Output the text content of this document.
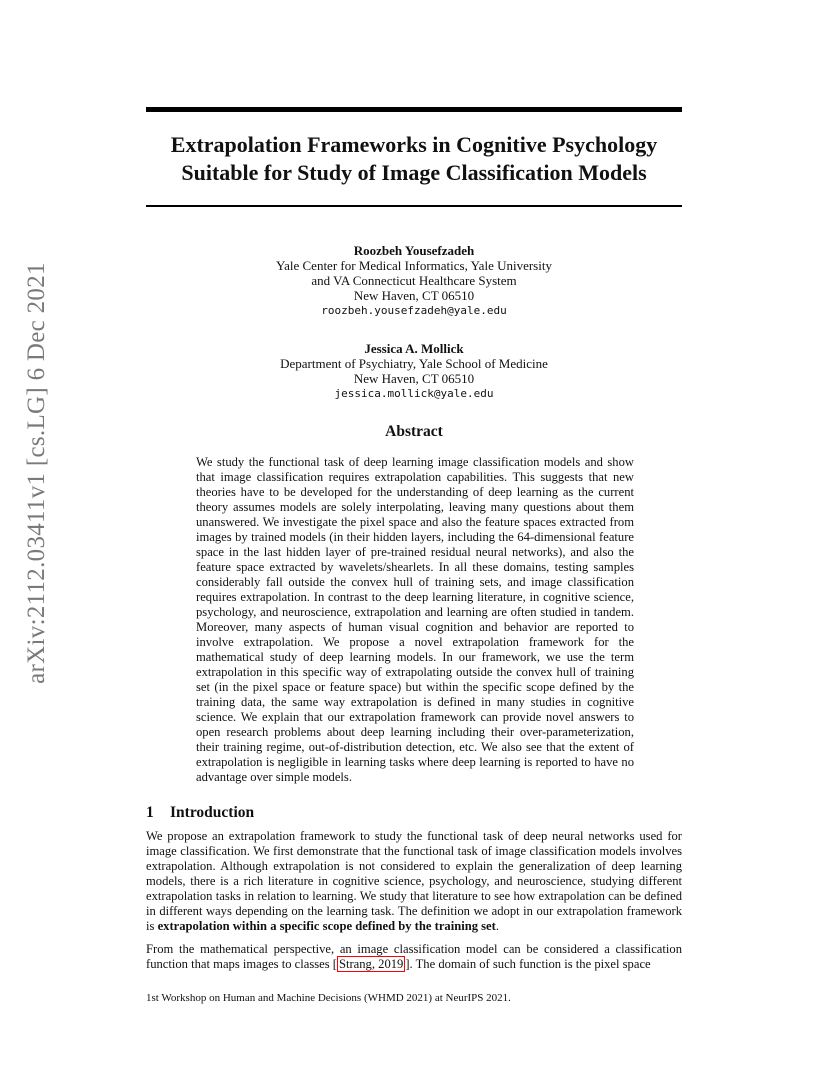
arXiv:2112.03411v1 [cs.LG] 6 Dec 2021
Extrapolation Frameworks in Cognitive Psychology
Suitable for Study of Image Classification Models
Roozbeh Yousefzadeh
Yale Center for Medical Informatics, Yale University
and VA Connecticut Healthcare System
New Haven, CT 06510
roozbeh.yousefzadeh@yale.edu
Jessica A. Mollick
Department of Psychiatry, Yale School of Medicine
New Haven, CT 06510
jessica.mollick@yale.edu
Abstract

We study the functional task of deep learning image classification models and show that image classification requires extrapolation capabilities. This suggests that new theories have to be developed for the understanding of deep learning as the current theory assumes models are solely interpolating, leaving many questions about them unanswered. We investigate the pixel space and also the feature spaces extracted from images by trained models (in their hidden layers, including the 64-dimensional feature space in the last hidden layer of pre-trained residual neural networks), and also the feature space extracted by wavelets/shearlets. In all these domains, testing samples considerably fall outside the convex hull of training sets, and image classification requires extrapolation. In contrast to the deep learning literature, in cognitive science, psychology, and neuroscience, extrapolation and learning are often studied in tandem. Moreover, many aspects of human visual cognition and behavior are reported to involve extrapolation. We propose a novel extrapolation framework for the mathematical study of deep learning models. In our framework, we use the term extrapolation in this specific way of extrapolating outside the convex hull of training set (in the pixel space or feature space) but within the specific scope defined by the training data, the same way extrapolation is defined in many studies in cognitive science. We explain that our extrapolation framework can provide novel answers to open research problems about deep learning including their over-parameterization, their training regime, out-of-distribution detection, etc. We also see that the extent of extrapolation is negligible in learning tasks where deep learning is reported to have no advantage over simple models.

1 Introduction

We propose an extrapolation framework to study the functional task of deep neural networks used for image classification. We first demonstrate that the functional task of image classification models involves extrapolation. Although extrapolation is not considered to explain the generalization of deep learning models, there is a rich literature in cognitive science, psychology, and neuroscience, studying different extrapolation tasks in relation to learning. We study that literature to see how extrapolation can be defined in different ways depending on the learning task. The definition we adopt in our extrapolation framework is extrapolation within a specific scope defined by the training set.

From the mathematical perspective, an image classification model can be considered a classification function that maps images to classes [ Strang, 2019 ]. The domain of such function is the pixel space

1st Workshop on Human and Machine Decisions (WHMD 2021) at NeurIPS 2021.
